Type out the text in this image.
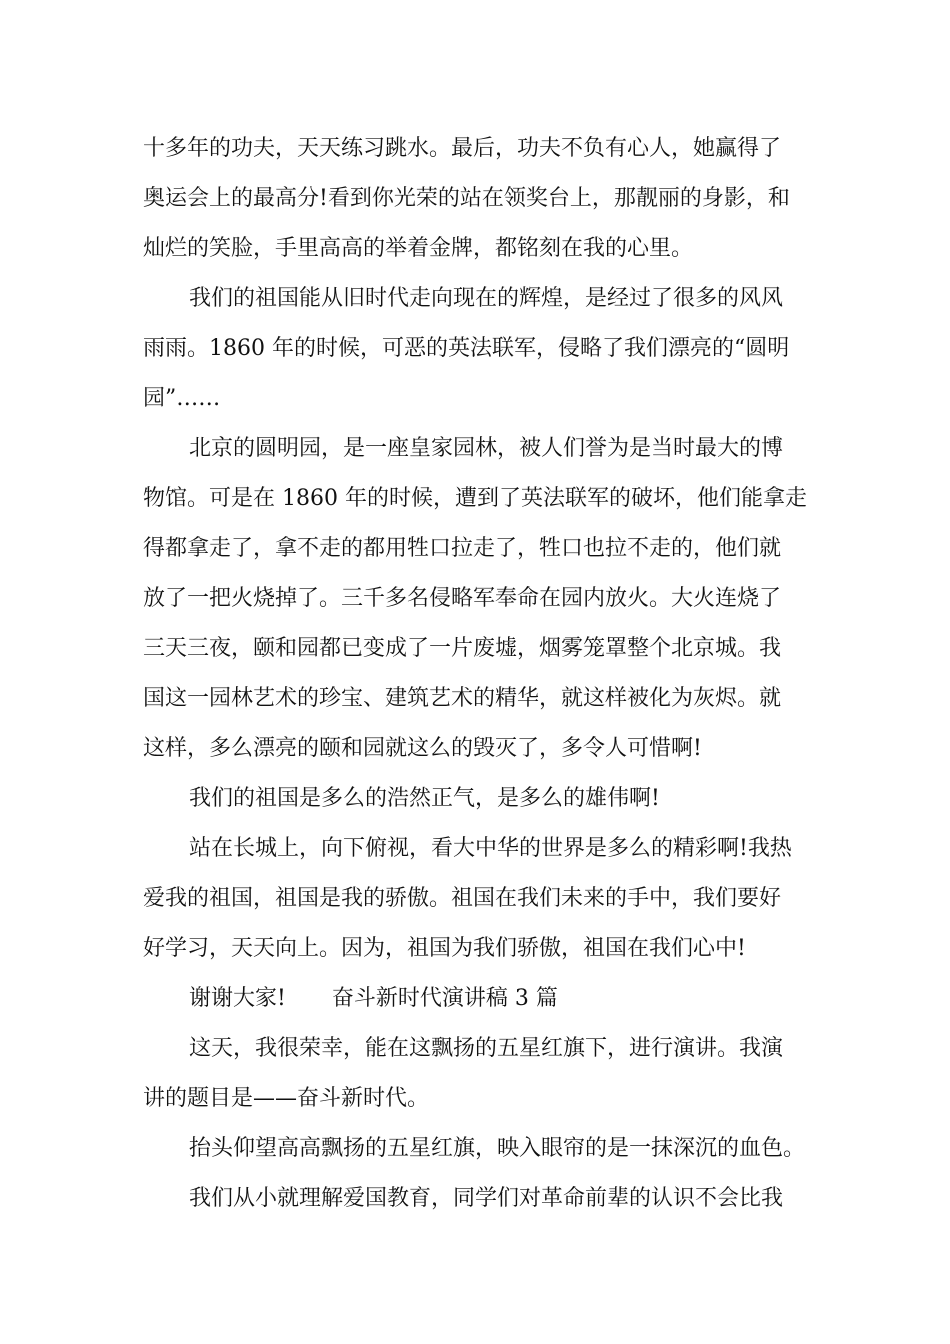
十多年的功夫，天天练习跳水。最后，功夫不负有心人，她赢得了
奥运会上的最高分!看到你光荣的站在领奖台上，那靓丽的身影，和
灿烂的笑脸，手里高高的举着金牌，都铭刻在我的心里。
我们的祖国能从旧时代走向现在的辉煌，是经过了很多的风风
雨雨。1860 年的时候，可恶的英法联军，侵略了我们漂亮的“圆明
园”……
北京的圆明园，是一座皇家园林，被人们誉为是当时最大的博
物馆。可是在 1860 年的时候，遭到了英法联军的破坏，他们能拿走
得都拿走了，拿不走的都用牲口拉走了，牲口也拉不走的，他们就
放了一把火烧掉了。三千多名侵略军奉命在园内放火。大火连烧了
三天三夜，颐和园都已变成了一片废墟，烟雾笼罩整个北京城。我
国这一园林艺术的珍宝、建筑艺术的精华，就这样被化为灰烬。就
这样，多么漂亮的颐和园就这么的毁灭了，多令人可惜啊!
我们的祖国是多么的浩然正气，是多么的雄伟啊!
站在长城上，向下俯视，看大中华的世界是多么的精彩啊!我热
爱我的祖国，祖国是我的骄傲。祖国在我们未来的手中，我们要好
好学习，天天向上。因为，祖国为我们骄傲，祖国在我们心中!
谢谢大家! 奋斗新时代演讲稿 3 篇
这天，我很荣幸，能在这飘扬的五星红旗下，进行演讲。我演
讲的题目是——奋斗新时代。
抬头仰望高高飘扬的五星红旗，映入眼帘的是一抹深沉的血色。
我们从小就理解爱国教育，同学们对革命前辈的认识不会比我
